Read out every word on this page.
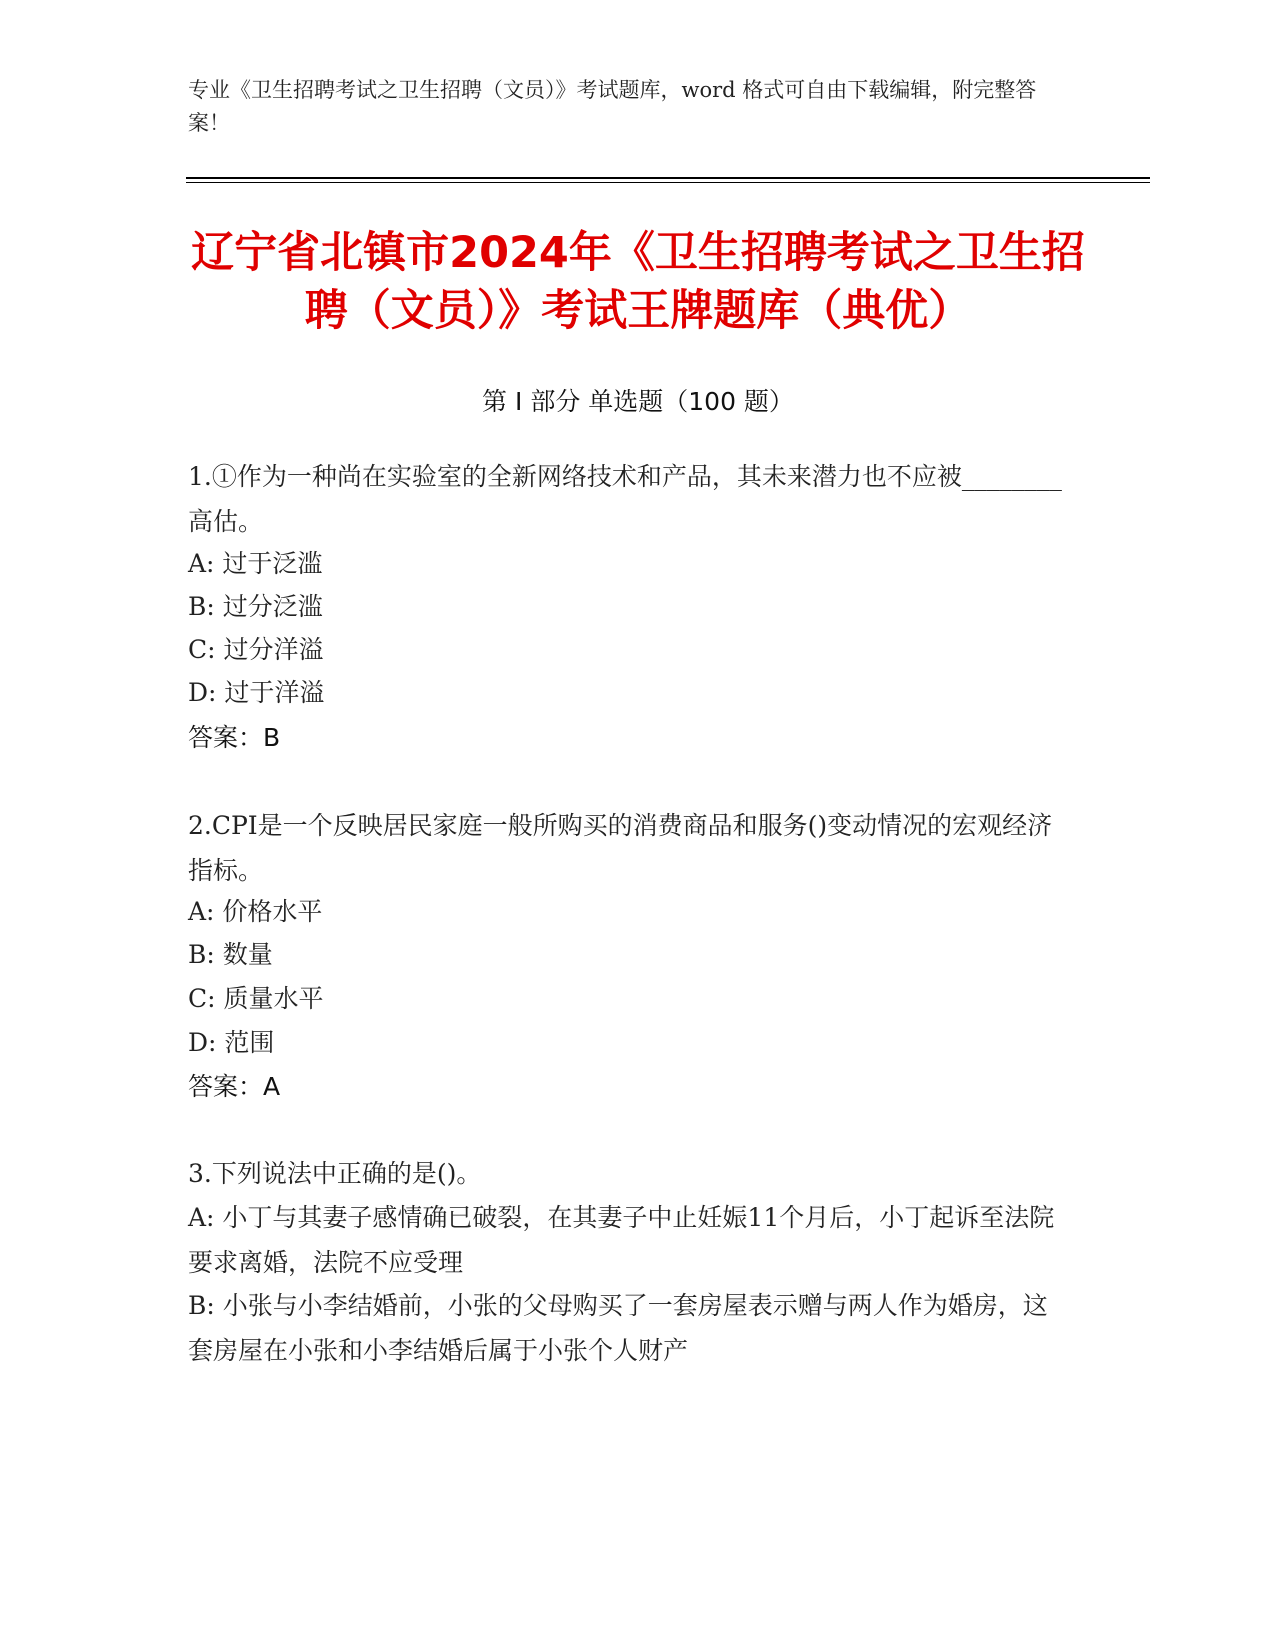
专业《卫生招聘考试之卫生招聘（文员）》考试题库，word 格式可自由下载编辑，附完整答案！
辽宁省北镇市2024年《卫生招聘考试之卫生招聘（文员）》考试王牌题库（典优）
第 I 部分 单选题（100 题）
1.①作为一种尚在实验室的全新网络技术和产品，其未来潜力也不应被________高估。
A: 过于泛滥
B: 过分泛滥
C: 过分洋溢
D: 过于洋溢
答案：B
2.CPI是一个反映居民家庭一般所购买的消费商品和服务()变动情况的宏观经济指标。
A: 价格水平
B: 数量
C: 质量水平
D: 范围
答案：A
3.下列说法中正确的是()。
A: 小丁与其妻子感情确已破裂，在其妻子中止妊娠11个月后，小丁起诉至法院要求离婚，法院不应受理
B: 小张与小李结婚前，小张的父母购买了一套房屋表示赠与两人作为婚房，这套房屋在小张和小李结婚后属于小张个人财产
